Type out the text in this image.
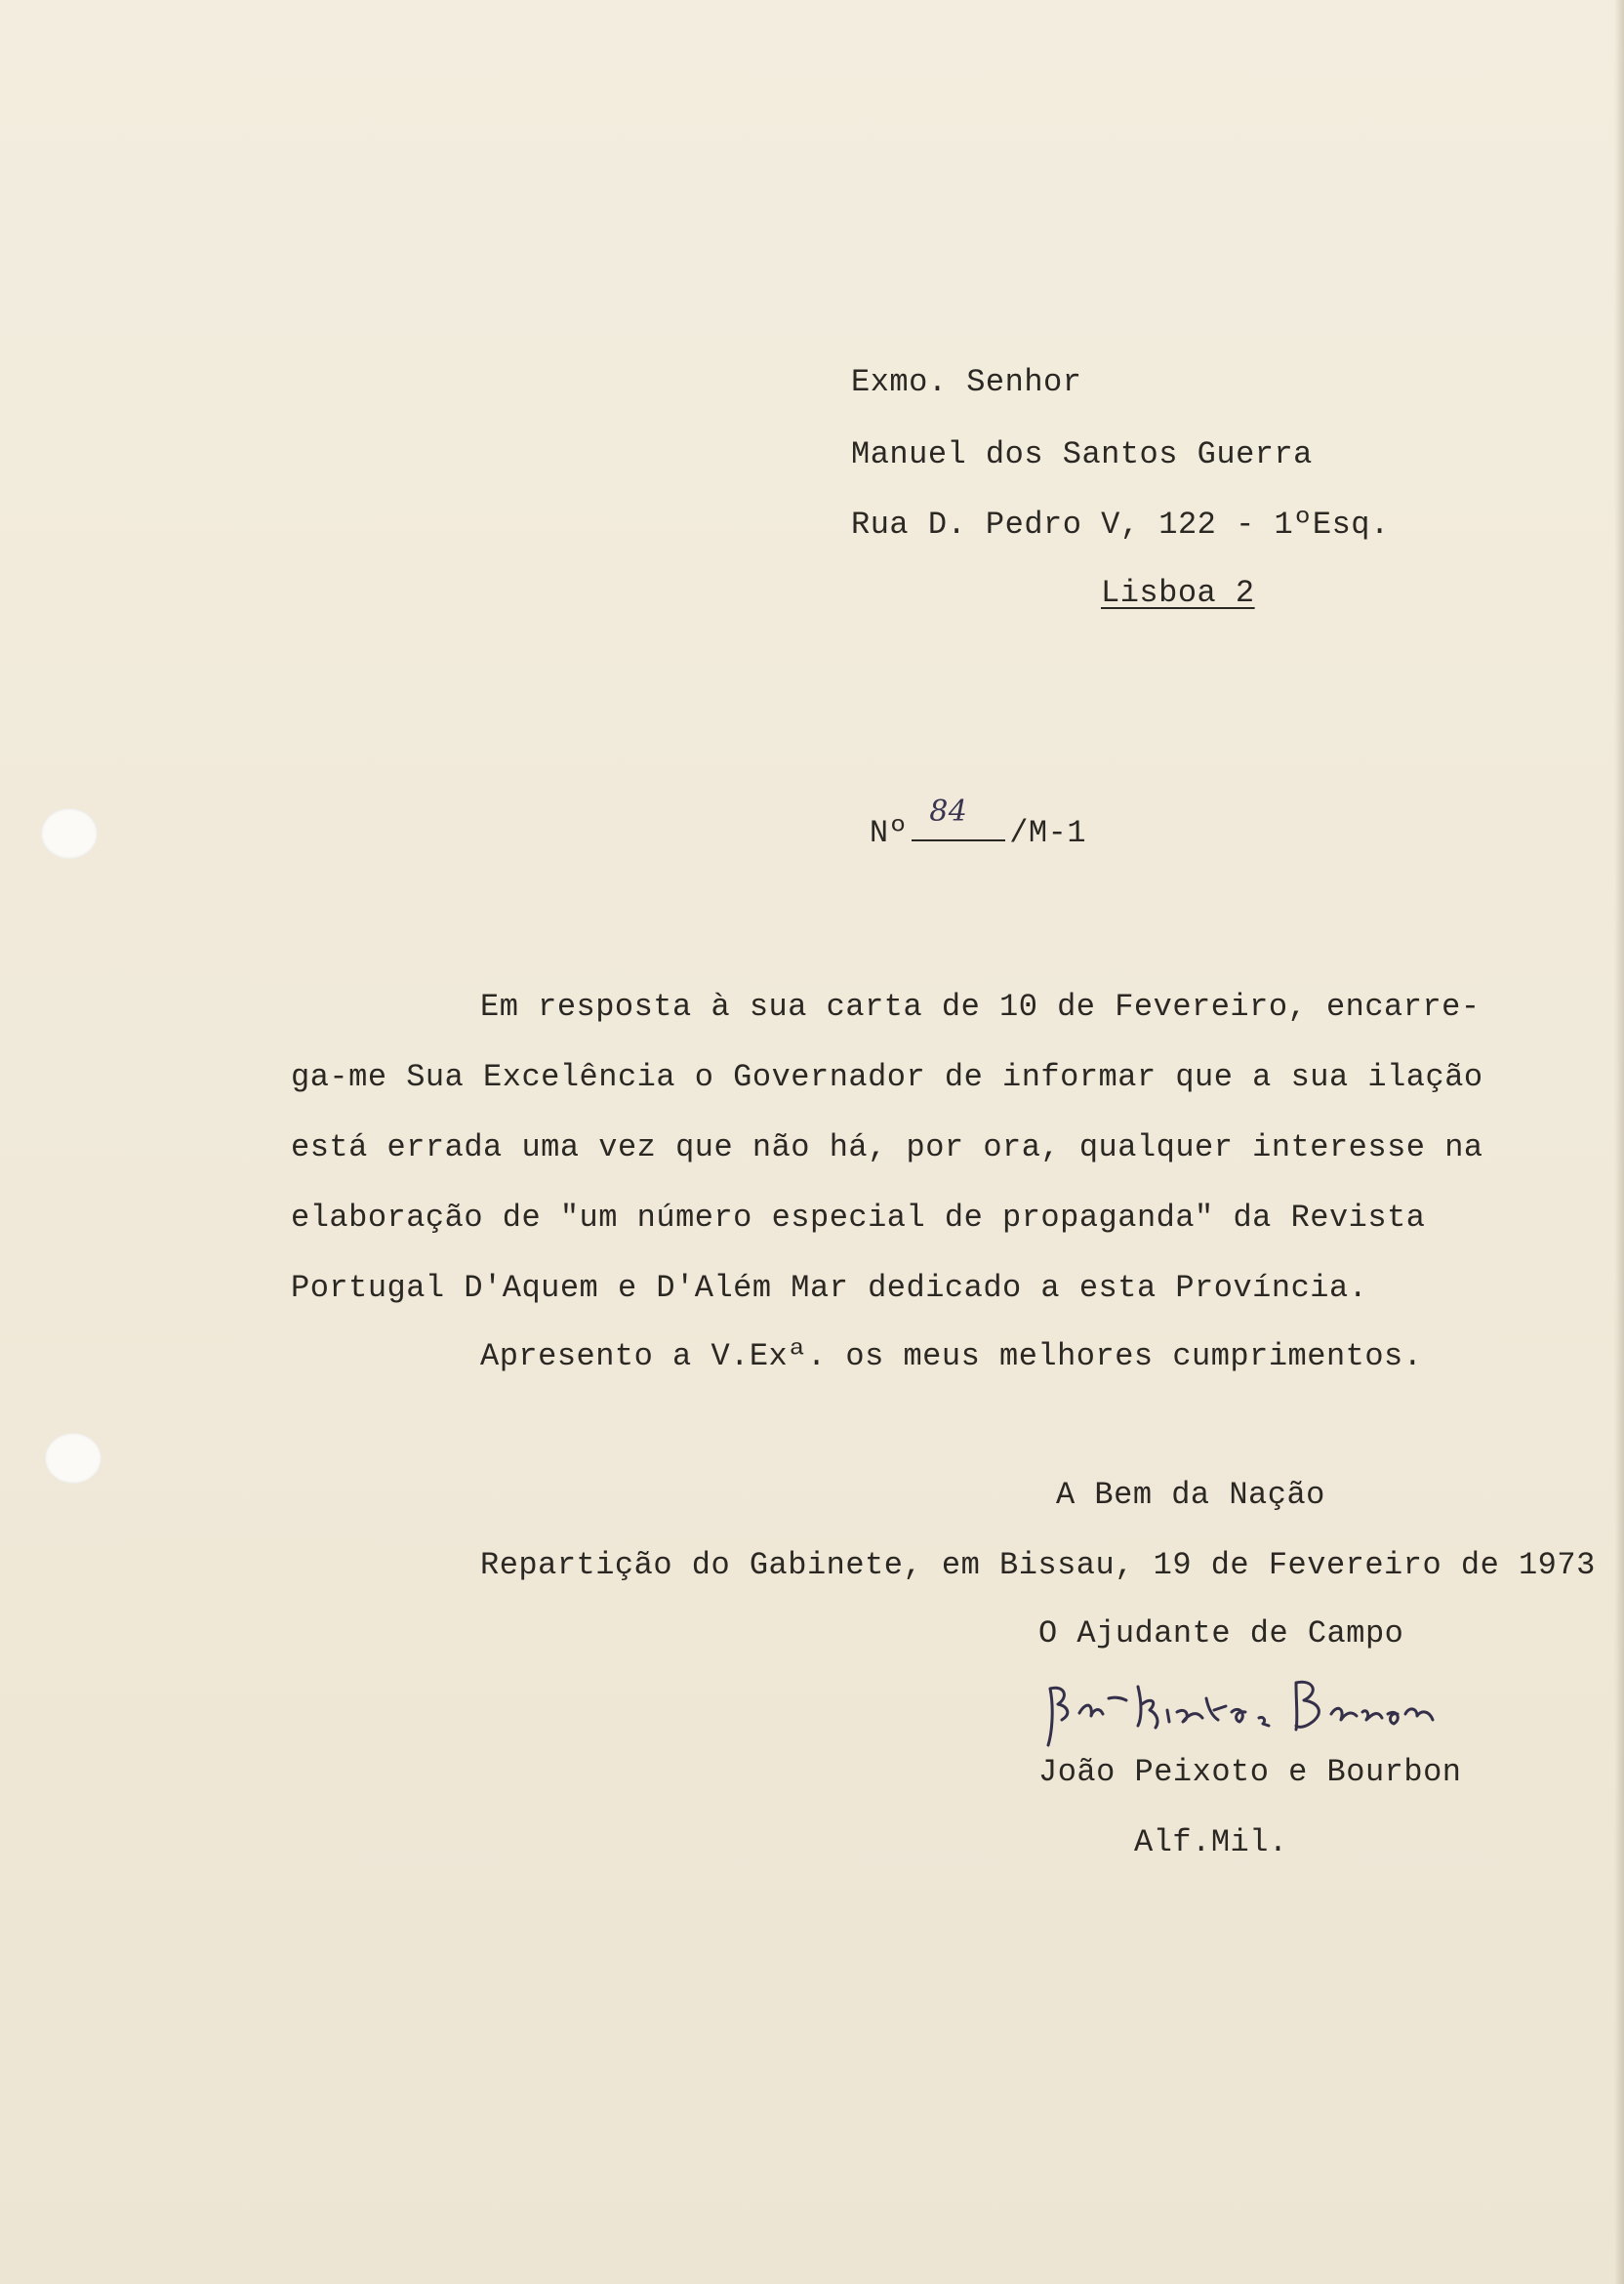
Exmo. Senhor

Manuel dos Santos Guerra

Rua D. Pedro V, 122 - 1ºEsq.

Lisboa 2

Nº
84
/M-1

Em resposta à sua carta de 10 de Fevereiro, encarre-

ga-me Sua Excelência o Governador de informar que a sua ilação

está errada uma vez que não há, por ora, qualquer interesse na

elaboração de "um número especial de propaganda" da Revista

Portugal D'Aquem e D'Além Mar dedicado a esta Província.

Apresento a V.Exª. os meus melhores cumprimentos.

A Bem da Nação

Repartição do Gabinete, em Bissau, 19 de Fevereiro de 1973

O Ajudante de Campo

João Peixoto e Bourbon

Alf.Mil.
